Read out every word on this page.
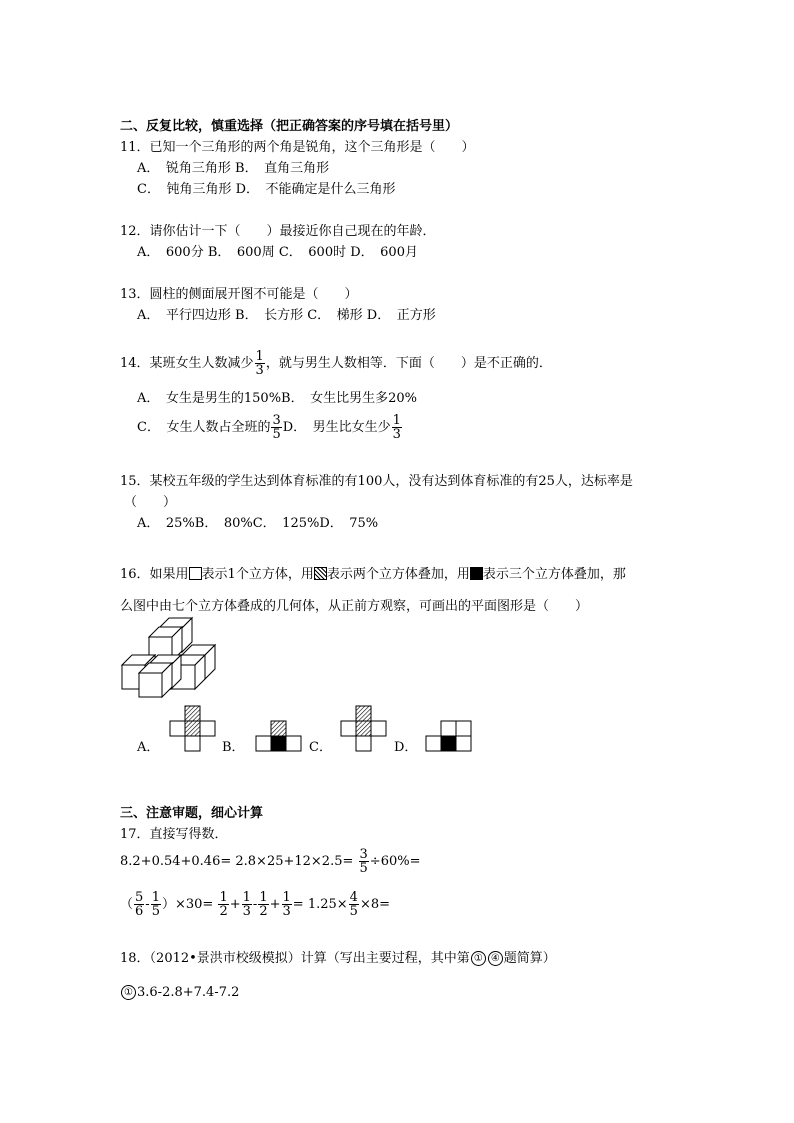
二、反复比较，慎重选择（把正确答案的序号填在括号里）
11．已知一个三角形的两个角是锐角，这个三角形是（　　）
A．　锐角三角形 B．　直角三角形
C．　钝角三角形 D．　不能确定是什么三角形
12．请你估计一下（　　）最接近你自己现在的年龄．
A．　600分 B．　600周 C．　600时 D．　600月
13．圆柱的侧面展开图不可能是（　　）
A．　平行四边形 B．　长方形 C．　梯形 D．　正方形
14．某班女生人数减少 $\frac{1}{3}$ ，就与男生人数相等．下面（　　）是不正确的．
A．　女生是男生的150%B．　女生比男生多20%
C．　女生人数占全班的 $\frac{3}{5}$ D．　男生比女生少 $\frac{1}{3}$
15．某校五年级的学生达到体育标准的有100人，没有达到体育标准的有25人，达标率是
（　　）
A．　25%B．　80%C．　125%D．　75%
16．如果用 表示1个立方体，用 表示两个立方体叠加，用 表示三个立方体叠加，那
么图中由七个立方体叠成的几何体，从正前方观察，可画出的平面图形是（　　）
A．	B．	C．	D．
三、注意审题，细心计算
17．直接写得数．
$8.2+0.54+0.46= 2.8\times 25+12\times 2.5= \frac{3}{5} \div 60\%=$
（ $\frac{5}{6} - \frac{1}{5} )\times 30= \frac{1}{2} + \frac{1}{3} - \frac{1}{2} + \frac{1}{3} = 1.25\times \frac{4}{5} \times 8=$
18．（2012•景洪市校级模拟）计算（写出主要过程，其中第 ① ④ 题简算）
① 3.6-2.8+7.4-7.2
